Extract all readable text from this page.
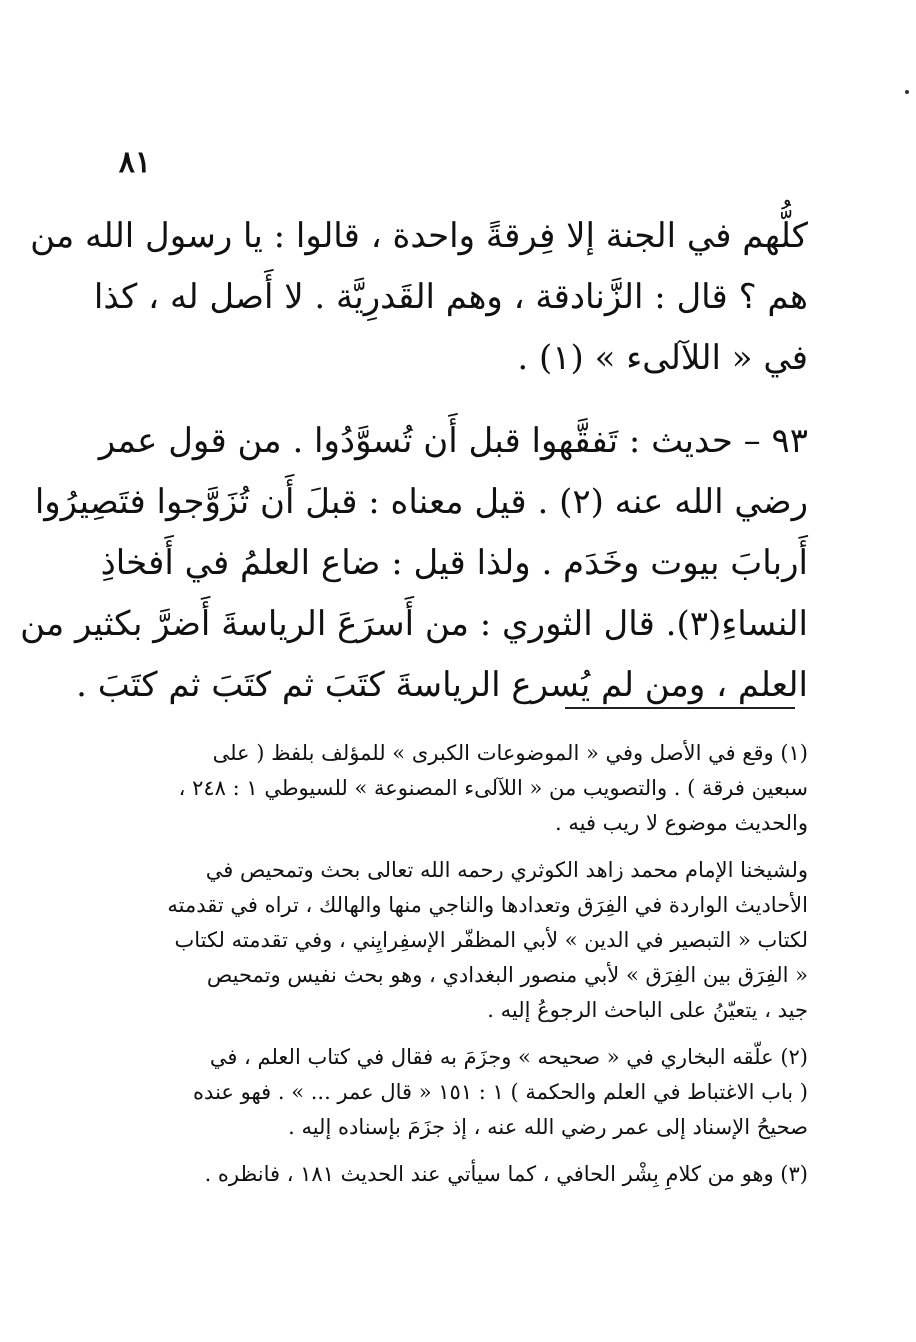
٨١

كلُّهم في الجنة إلا فِرقةً واحدة ، قالوا : يا رسول الله من
هم ؟ قال : الزَّنادقة ، وهم القَدرِيَّة . لا أَصل له ، كذا
في « اللآلىء » (١) .

٩٣ – حديث : تَفقَّهوا قبل أَن تُسوَّدُوا . من قول عمر
رضي الله عنه (٢) . قيل معناه : قبلَ أَن تُزَوَّجوا فتَصِيرُوا
أَربابَ بيوت وخَدَم . ولذا قيل : ضاع العلمُ في أَفخاذِ
النساءِ(٣). قال الثوري : من أَسرَعَ الرياسةَ أَضرَّ بكثير من
العلم ، ومن لم يُسرع الرياسةَ كتَبَ ثم كتَبَ ثم كتَبَ .

(١) وقع في الأصل وفي « الموضوعات الكبرى » للمؤلف بلفظ ( على
سبعين فرقة ) . والتصويب من « اللآلىء المصنوعة » للسيوطي ١ : ٢٤٨ ،
والحديث موضوع لا ريب فيه .

ولشيخنا الإمام محمد زاهد الكوثري رحمه الله تعالى بحث وتمحيص في
الأحاديث الواردة في الفِرَق وتعدادها والناجي منها والهالك ، تراه في تقدمته
لكتاب « التبصير في الدين » لأبي المظفّر الإسفِرايِني ، وفي تقدمته لكتاب
« الفِرَق بين الفِرَق » لأبي منصور البغدادي ، وهو بحث نفيس وتمحيص
جيد ، يتعيّنُ على الباحث الرجوعُ إليه .

(٢) علّقه البخاري في « صحيحه » وجزَمَ به فقال في كتاب العلم ، في
( باب الاغتباط في العلم والحكمة ) ١ : ١٥١ « قال عمر ... » . فهو عنده
صحيحُ الإسناد إلى عمر رضي الله عنه ، إذ جزَمَ بإسناده إليه .

(٣) وهو من كلامِ بِشْر الحافي ، كما سيأتي عند الحديث ١٨١ ، فانظره .
